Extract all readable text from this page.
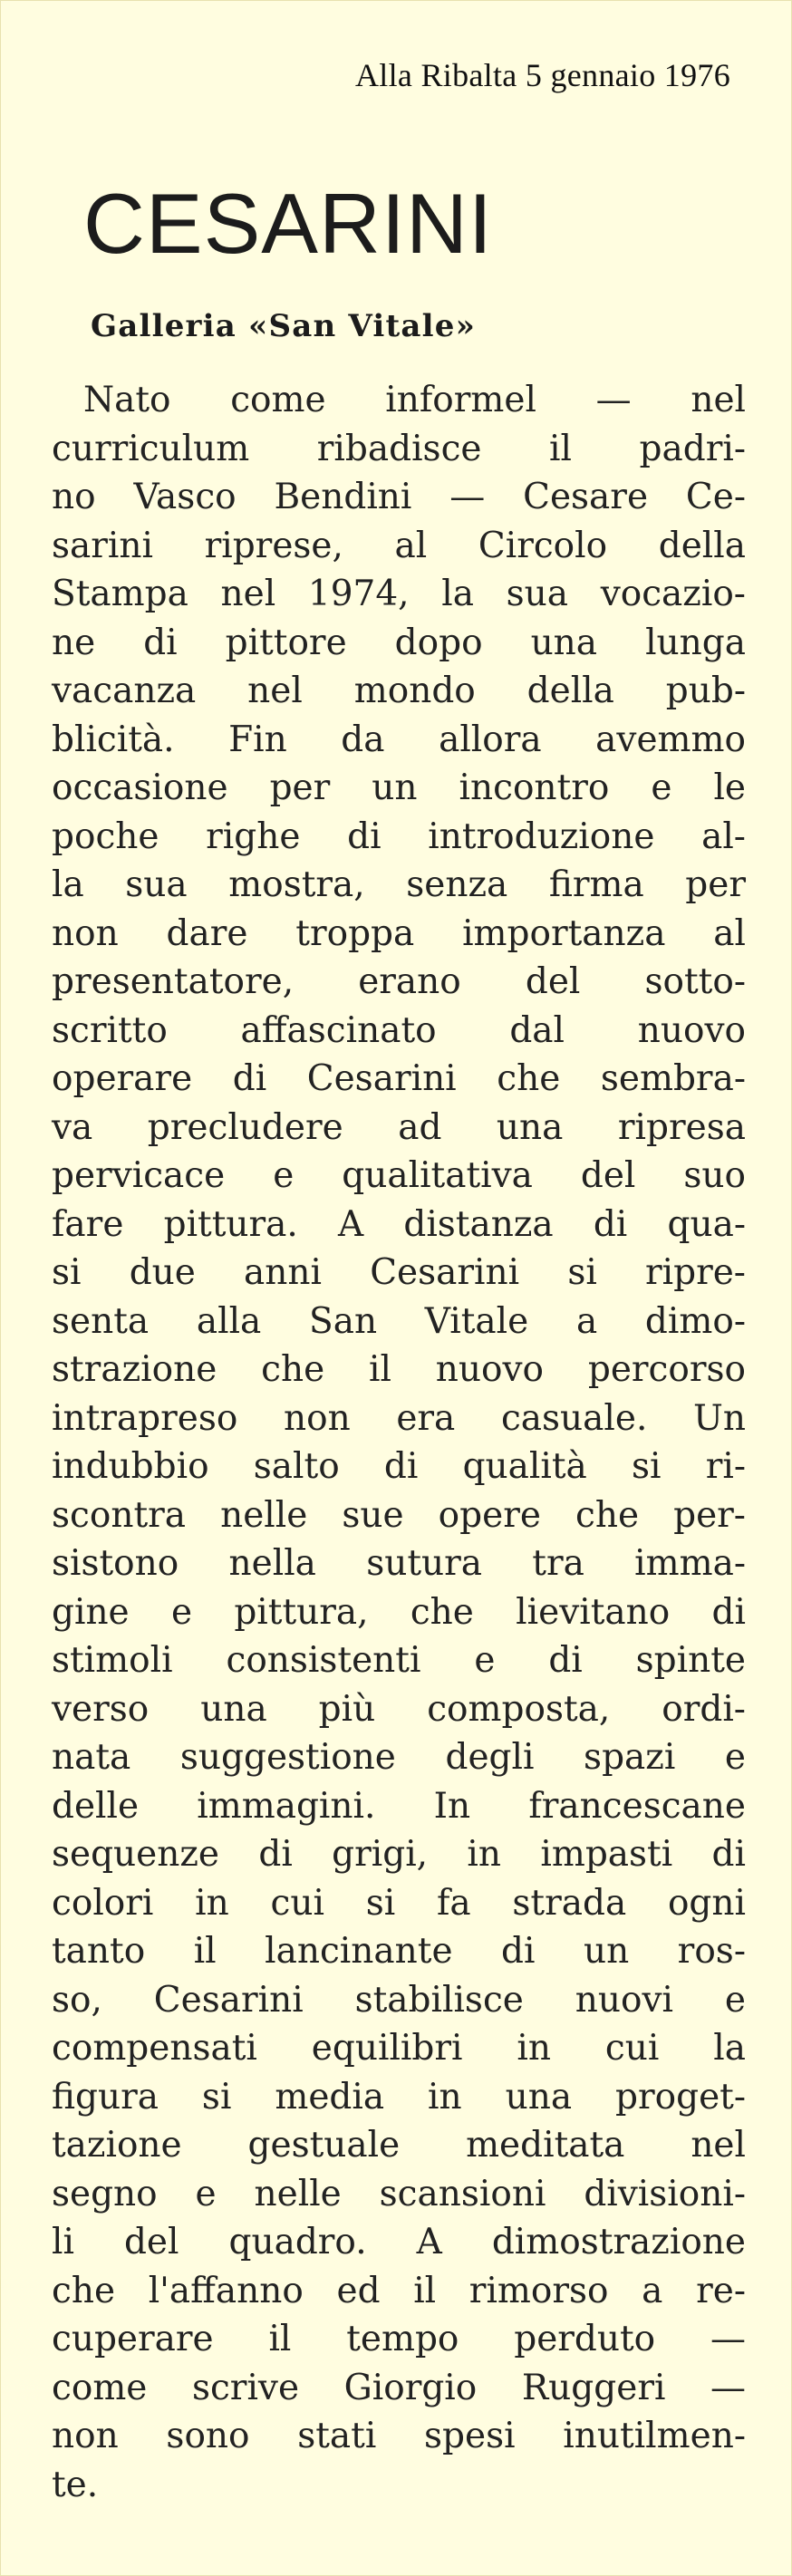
Alla Ribalta 5 gennaio 1976
CESARINI
Galleria «San Vitale»
Nato come informel — nel
curriculum ribadisce il padri-
no Vasco Bendini — Cesare Ce-
sarini riprese, al Circolo della
Stampa nel 1974, la sua vocazio-
ne di pittore dopo una lunga
vacanza nel mondo della pub-
blicità. Fin da allora avemmo
occasione per un incontro e le
poche righe di introduzione al-
la sua mostra, senza firma per
non dare troppa importanza al
presentatore, erano del sotto-
scritto affascinato dal nuovo
operare di Cesarini che sembra-
va precludere ad una ripresa
pervicace e qualitativa del suo
fare pittura. A distanza di qua-
si due anni Cesarini si ripre-
senta alla San Vitale a dimo-
strazione che il nuovo percorso
intrapreso non era casuale. Un
indubbio salto di qualità si ri-
scontra nelle sue opere che per-
sistono nella sutura tra imma-
gine e pittura, che lievitano di
stimoli consistenti e di spinte
verso una più composta, ordi-
nata suggestione degli spazi e
delle immagini. In francescane
sequenze di grigi, in impasti di
colori in cui si fa strada ogni
tanto il lancinante di un ros-
so, Cesarini stabilisce nuovi e
compensati equilibri in cui la
figura si media in una proget-
tazione gestuale meditata nel
segno e nelle scansioni divisioni-
li del quadro. A dimostrazione
che l'affanno ed il rimorso a re-
cuperare il tempo perduto —
come scrive Giorgio Ruggeri —
non sono stati spesi inutilmen-
te.
